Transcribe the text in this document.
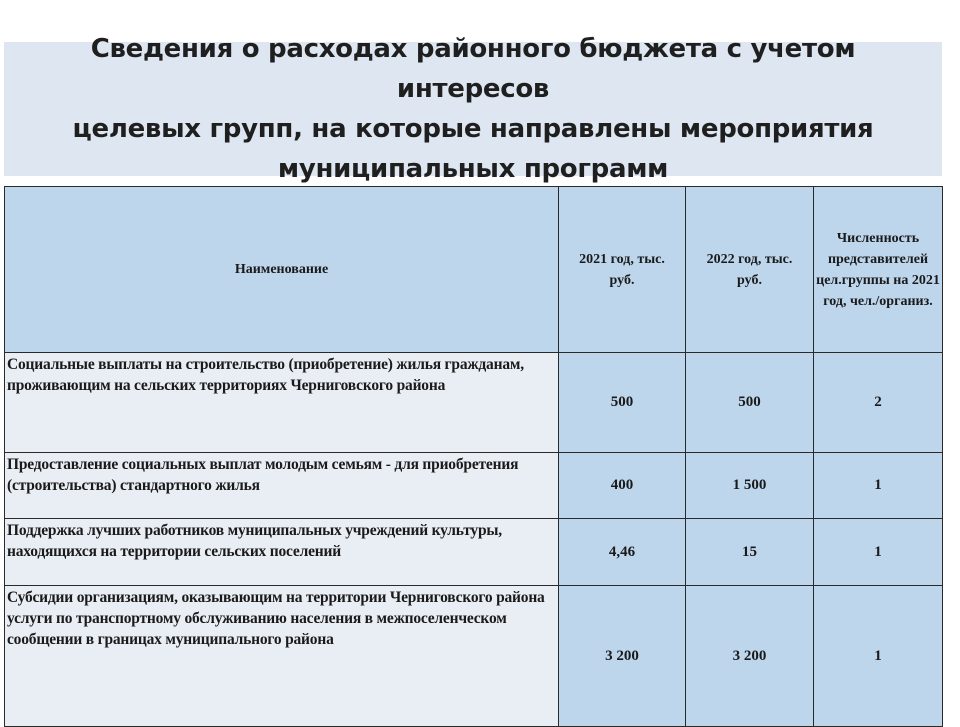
Сведения о расходах районного бюджета с учетом интересов
целевых групп, на которые направлены мероприятия
муниципальных программ

Наименование	2021 год, тыс. руб.	2022 год, тыс. руб.	Численность представителей цел.группы на 2021 год, чел./организ.
Социальные выплаты на строительство (приобретение) жилья гражданам, проживающим на сельских территориях Черниговского района	500	500	2
Предоставление социальных выплат молодым семьям - для приобретения (строительства) стандартного жилья	400	1 500	1
Поддержка лучших работников муниципальных учреждений культуры, находящихся на территории сельских поселений	4,46	15	1
Субсидии организациям, оказывающим на территории Черниговского района услуги по транспортному обслуживанию населения в межпоселенческом сообщении в границах муниципального района	3 200	3 200	1
